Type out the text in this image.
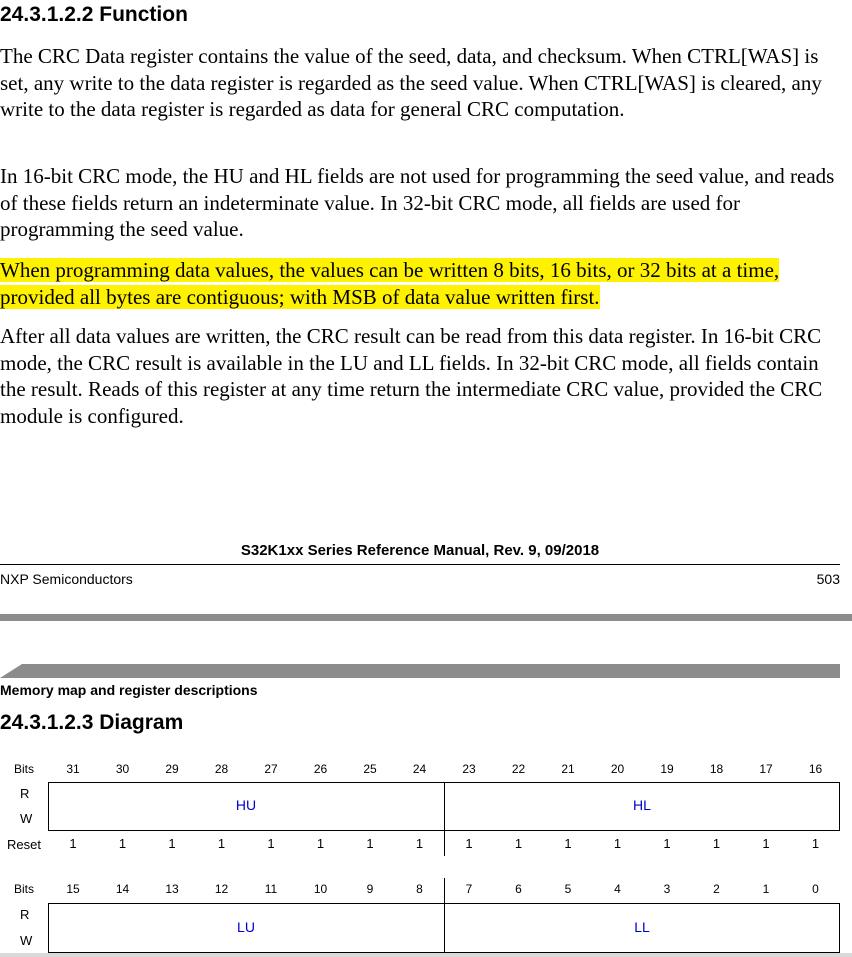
24.3.1.2.2 Function
The CRC Data register contains the value of the seed, data, and checksum. When CTRL[WAS] is set, any write to the data register is regarded as the seed value. When CTRL[WAS] is cleared, any write to the data register is regarded as data for general CRC computation.
In 16-bit CRC mode, the HU and HL fields are not used for programming the seed value, and reads of these fields return an indeterminate value. In 32-bit CRC mode, all fields are used for programming the seed value.
When programming data values, the values can be written 8 bits, 16 bits, or 32 bits at a time, provided all bytes are contiguous; with MSB of data value written first.
After all data values are written, the CRC result can be read from this data register. In 16-bit CRC mode, the CRC result is available in the LU and LL fields. In 32-bit CRC mode, all fields contain the result. Reads of this register at any time return the intermediate CRC value, provided the CRC module is configured.
S32K1xx Series Reference Manual, Rev. 9, 09/2018
NXP Semiconductors	503
Memory map and register descriptions
24.3.1.2.3 Diagram
Bits	31	30	29	28	27	26	25	24	23	22	21	20	19	18	17	16
R
W
HU	HL
Reset	1	1	1	1	1	1	1	1	1	1	1	1	1	1	1	1
Bits	15	14	13	12	11	10	9	8	7	6	5	4	3	2	1	0
R
W
LU	LL
